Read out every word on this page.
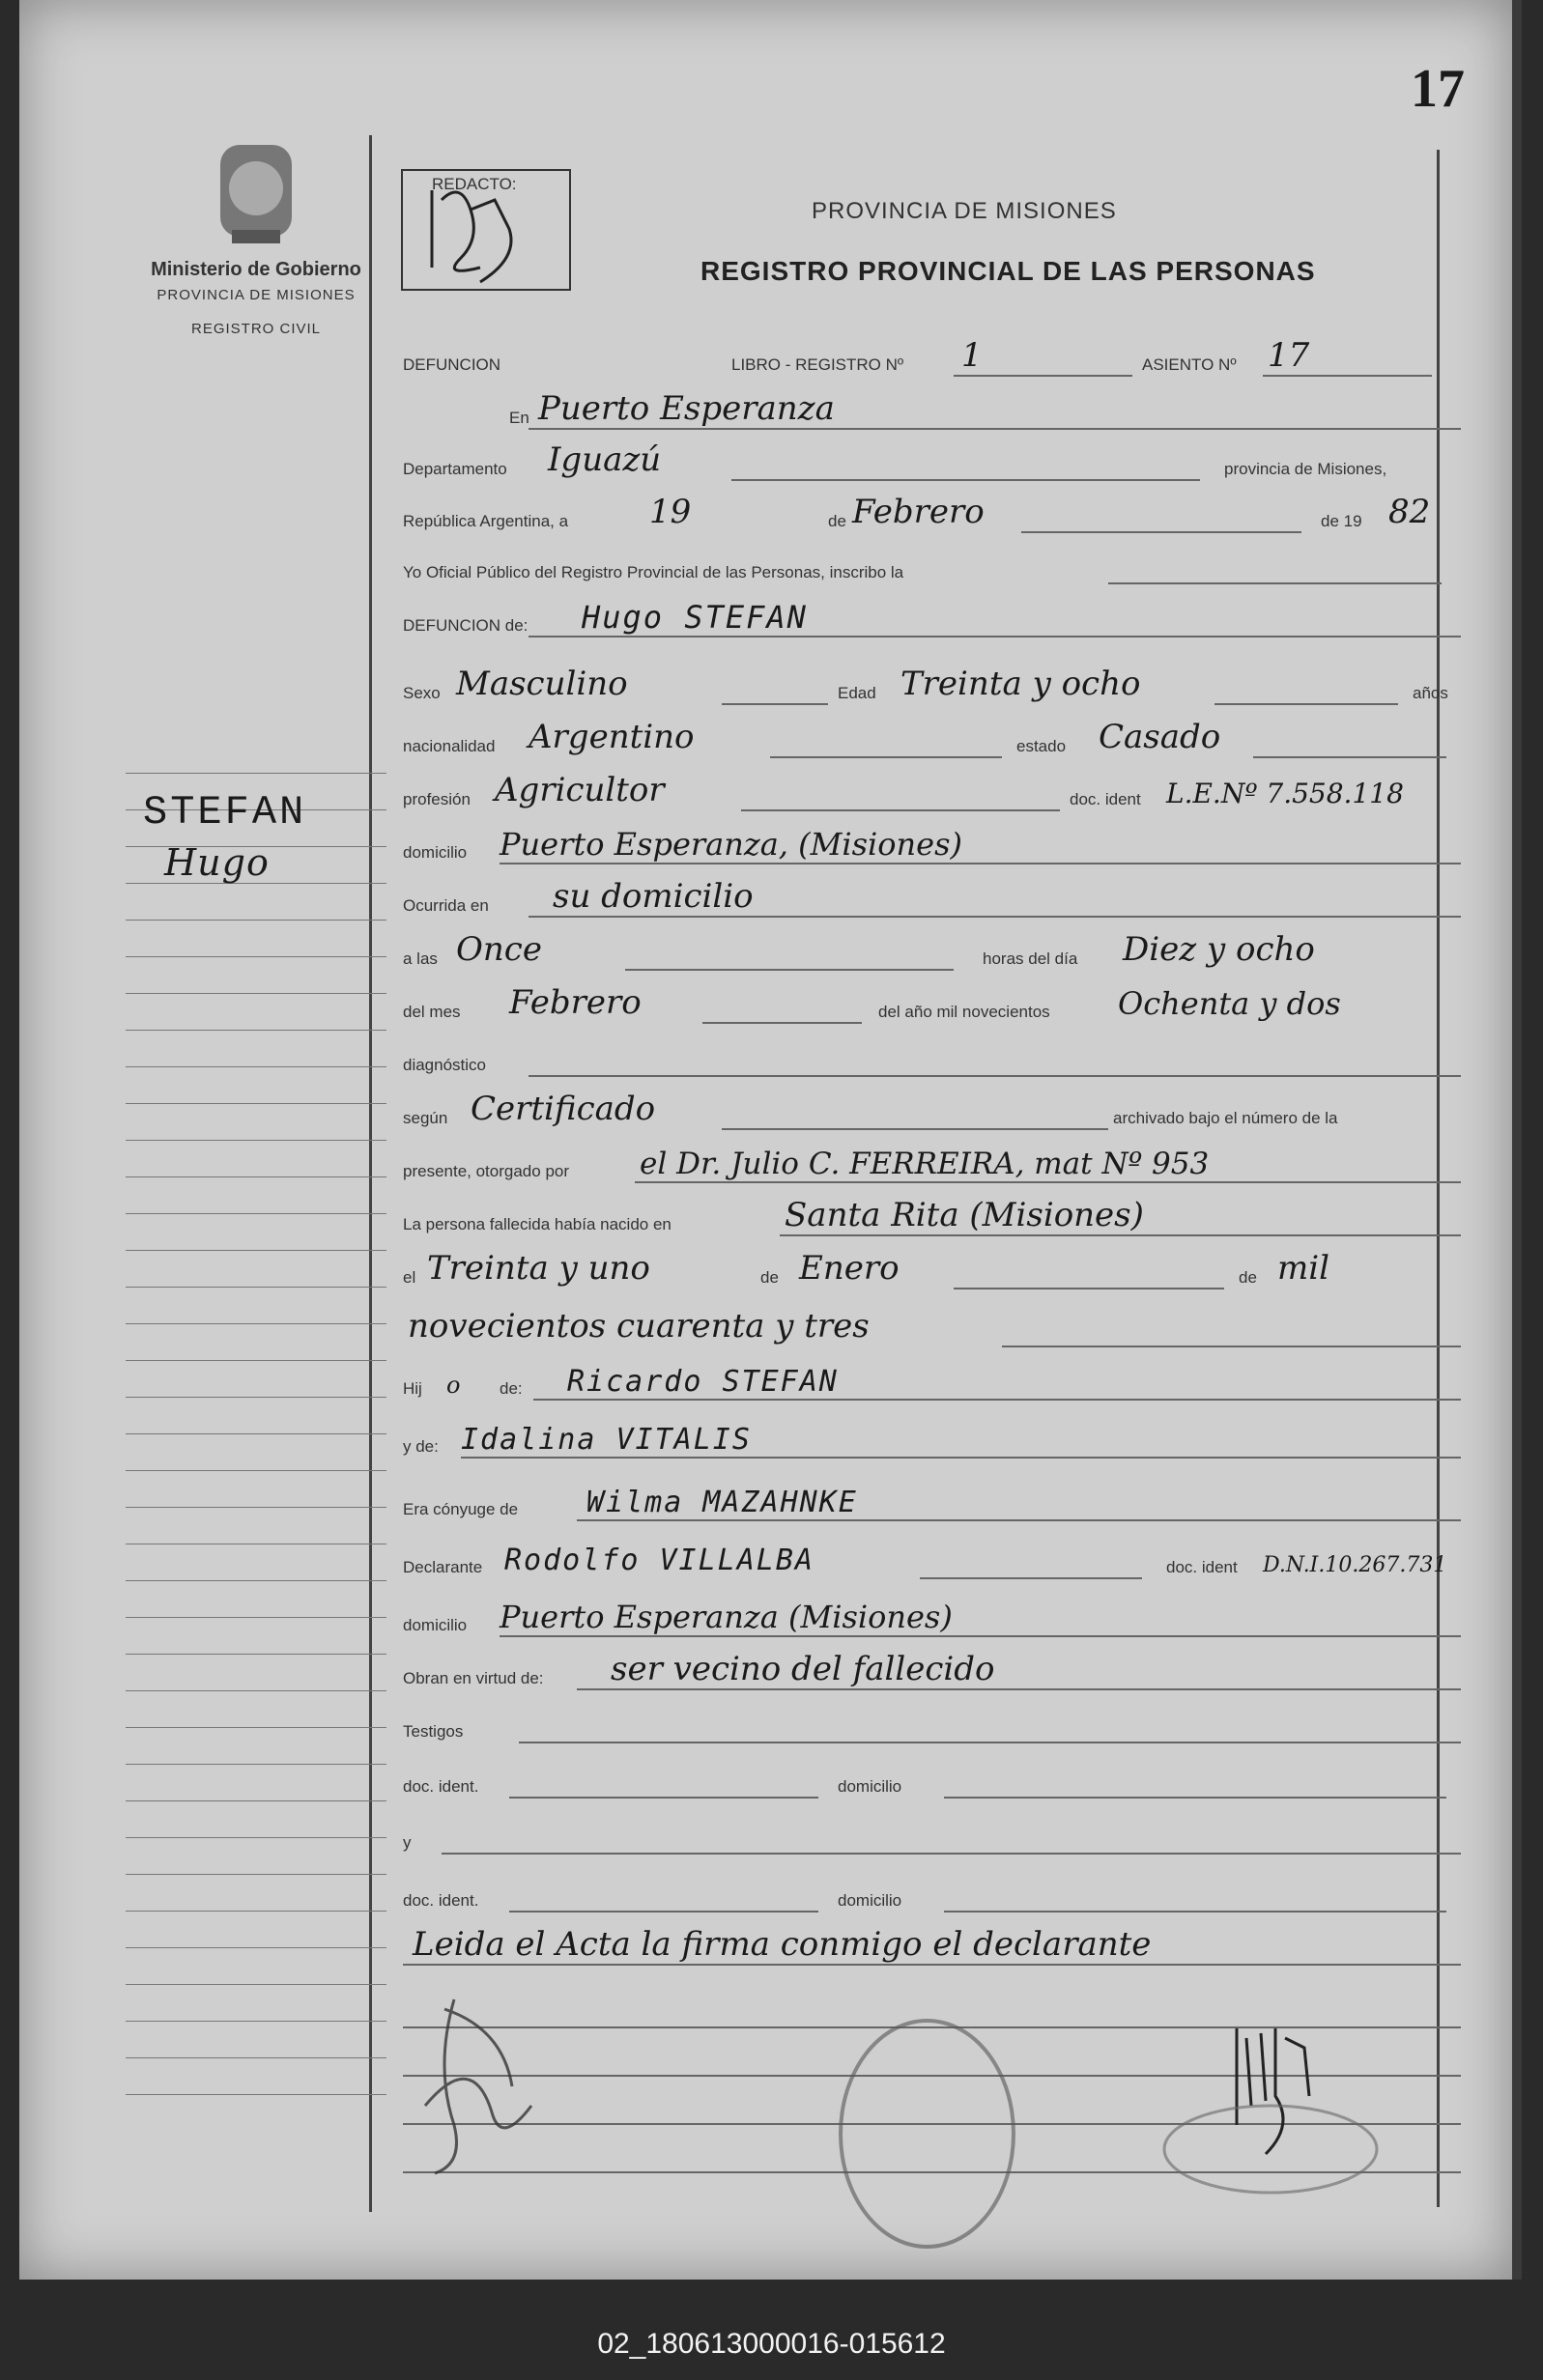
17
Ministerio de Gobierno
PROVINCIA DE MISIONES
REGISTRO CIVIL
STEFAN
Hugo
REDACTO:
PROVINCIA DE MISIONES
REGISTRO PROVINCIAL DE LAS PERSONAS
DEFUNCION	LIBRO - REGISTRO Nº 1	ASIENTO Nº 17
En Puerto Esperanza
Departamento Iguazú	provincia de Misiones,
República Argentina, a 19	de Febrero	de 19 82
Yo Oficial Público del Registro Provincial de las Personas, inscribo la
DEFUNCION de: Hugo STEFAN
Sexo Masculino	Edad Treinta y ocho	años
nacionalidad Argentino	estado Casado
profesión Agricultor	doc. ident L.E.Nº 7.558.118
domicilio Puerto Esperanza, (Misiones)
Ocurrida en su domicilio
a las Once	horas del día Diez y ocho
del mes Febrero	del año mil novecientos Ochenta y dos
diagnóstico
según Certificado	archivado bajo el número de la
presente, otorgado por el Dr. Julio C. FERREIRA, mat Nº 953
La persona fallecida había nacido en	Santa Rita (Misiones)
el Treinta y uno	de Enero	de mil
novecientos cuarenta y tres
Hij o de: Ricardo STEFAN
y de: Idalina VITALIS
Era cónyuge de Wilma MAZAHNKE
Declarante Rodolfo VILLALBA	doc. ident D.N.I.10.267.731
domicilio Puerto Esperanza (Misiones)
Obran en virtud de: ser vecino del fallecido
Testigos
doc. ident.	domicilio
y
doc. ident.	domicilio
Leida el Acta la firma conmigo el declarante
02_180613000016-015612
